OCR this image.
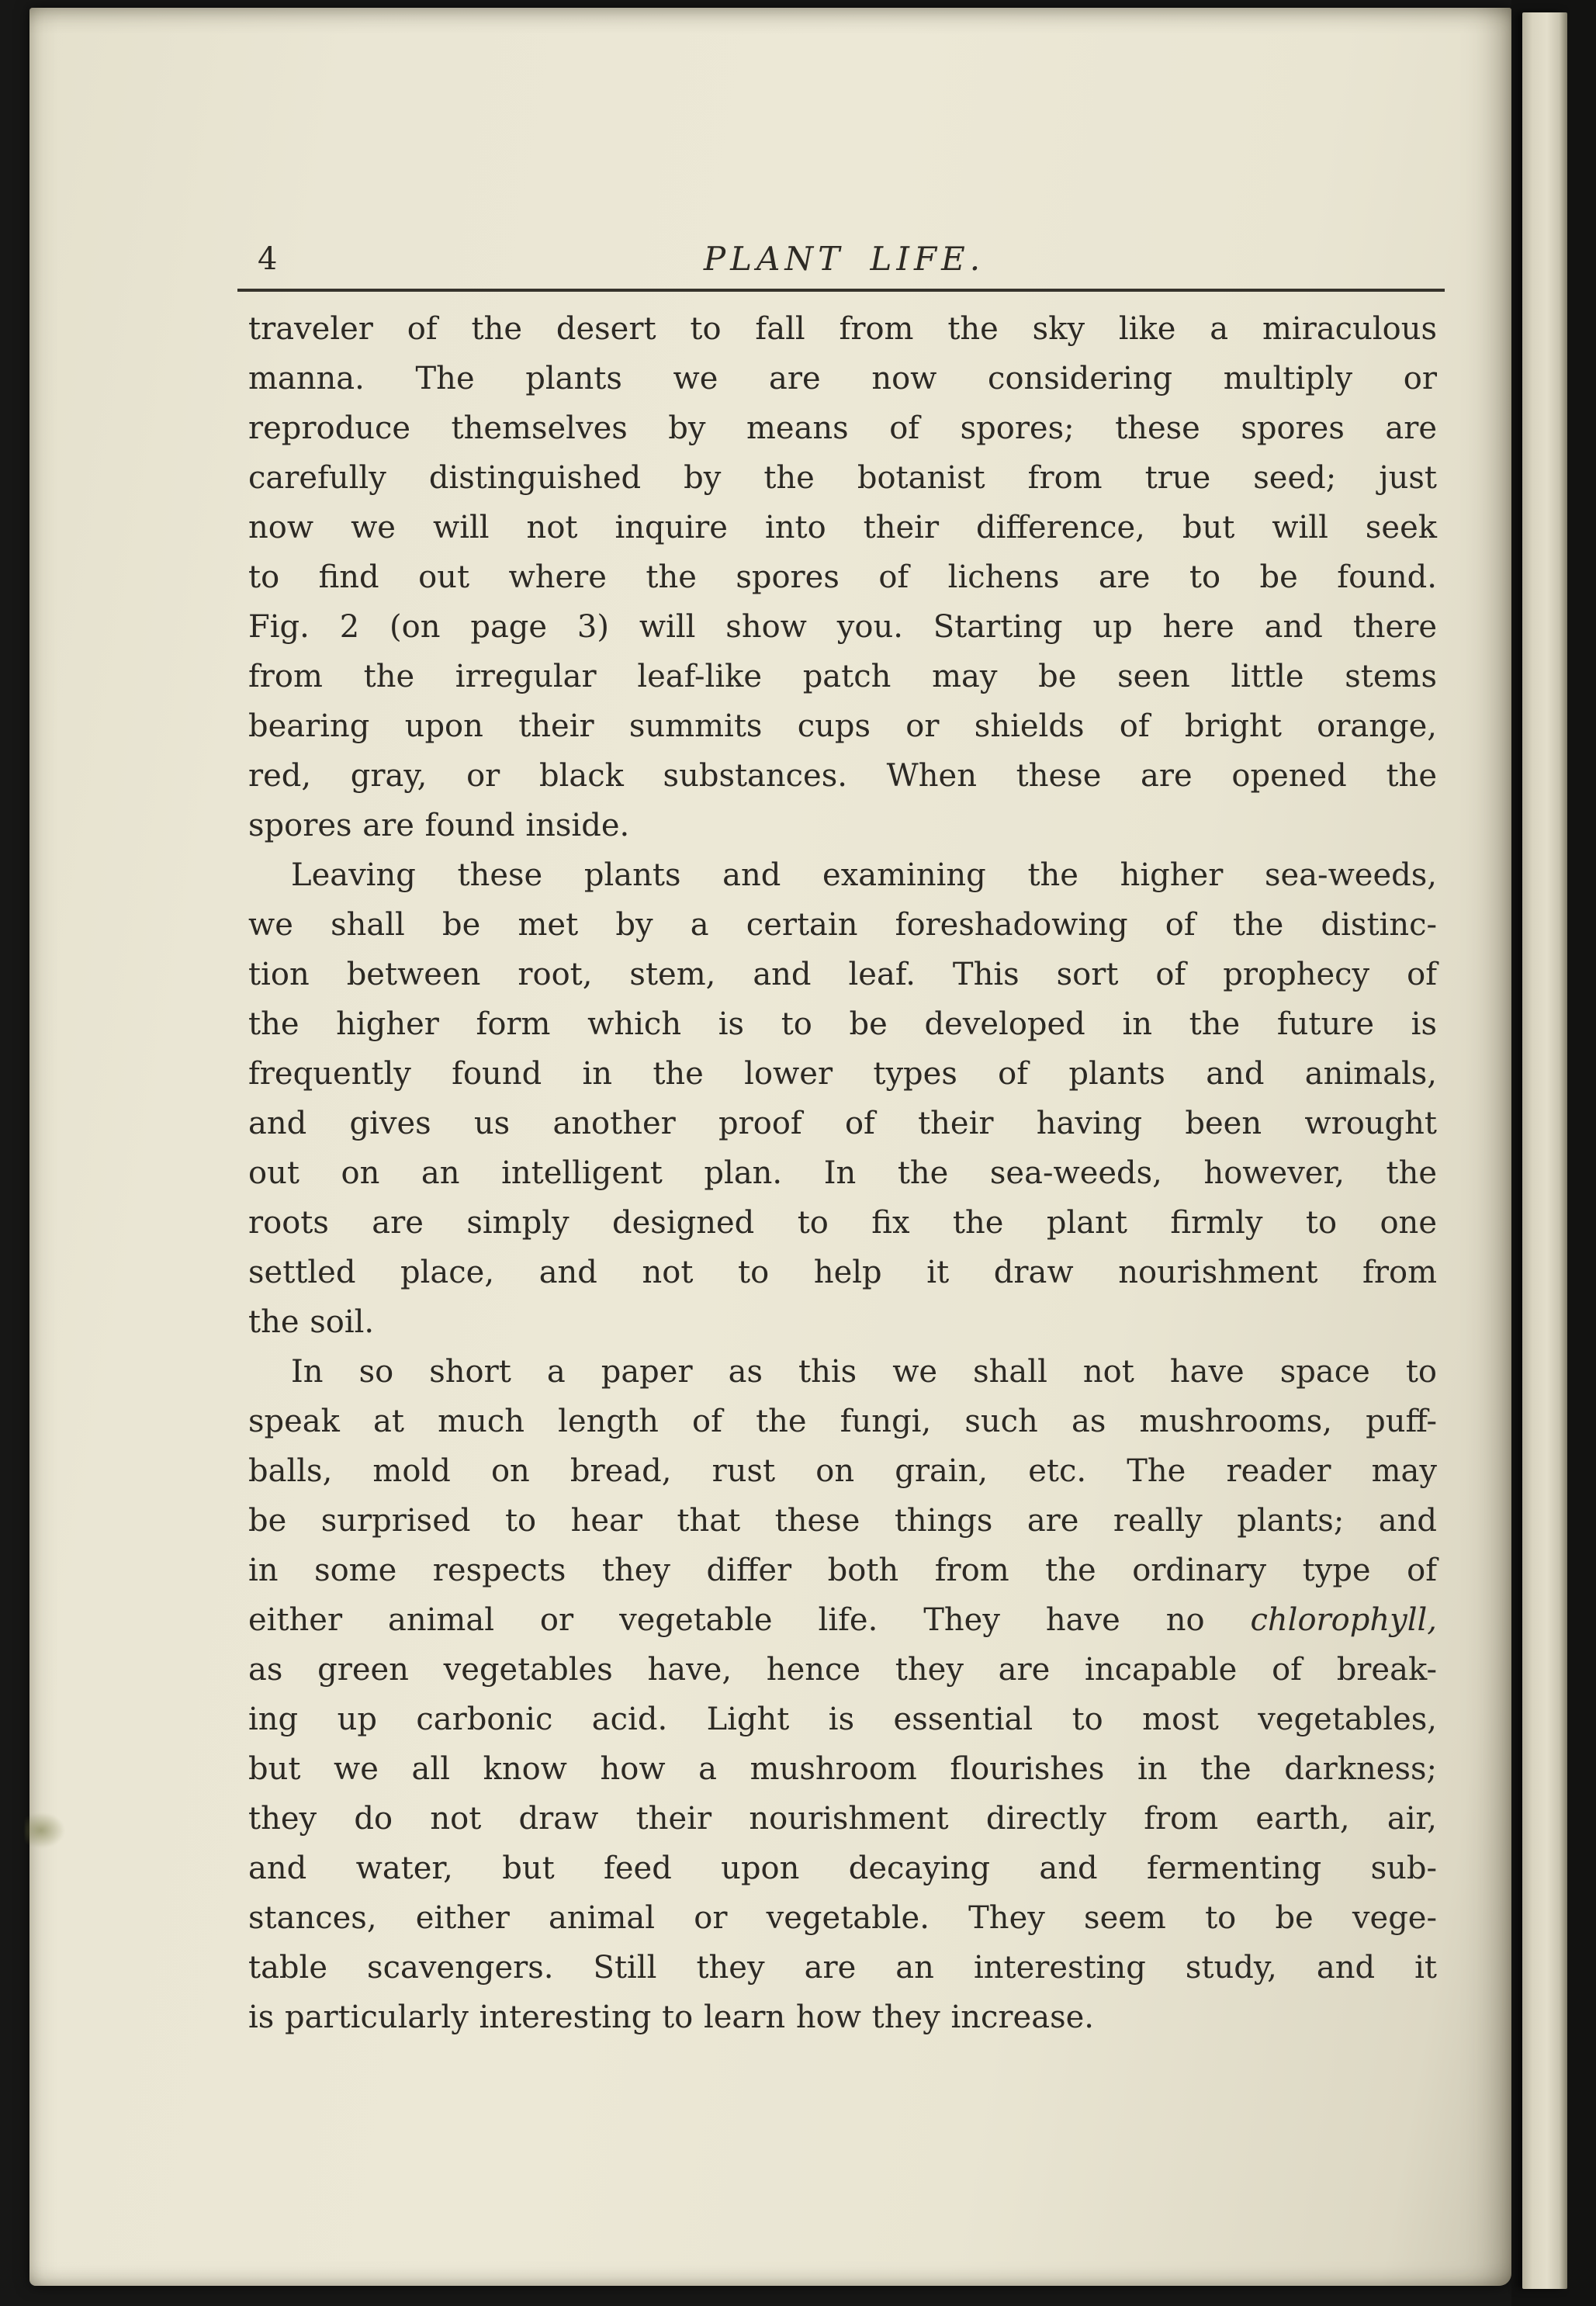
4	PLANT LIFE.
traveler of the desert to fall from the sky like a miraculous
manna. The plants we are now considering multiply or
reproduce themselves by means of spores; these spores are
carefully distinguished by the botanist from true seed; just
now we will not inquire into their difference, but will seek
to find out where the spores of lichens are to be found.
Fig. 2 (on page 3) will show you. Starting up here and there
from the irregular leaf-like patch may be seen little stems
bearing upon their summits cups or shields of bright orange,
red, gray, or black substances. When these are opened the
spores are found inside.
Leaving these plants and examining the higher sea-weeds,
we shall be met by a certain foreshadowing of the distinc-
tion between root, stem, and leaf. This sort of prophecy of
the higher form which is to be developed in the future is
frequently found in the lower types of plants and animals,
and gives us another proof of their having been wrought
out on an intelligent plan. In the sea-weeds, however, the
roots are simply designed to fix the plant firmly to one
settled place, and not to help it draw nourishment from
the soil.
In so short a paper as this we shall not have space to
speak at much length of the fungi, such as mushrooms, puff-
balls, mold on bread, rust on grain, etc. The reader may
be surprised to hear that these things are really plants; and
in some respects they differ both from the ordinary type of
either animal or vegetable life. They have no chlorophyll,
as green vegetables have, hence they are incapable of break-
ing up carbonic acid. Light is essential to most vegetables,
but we all know how a mushroom flourishes in the darkness;
they do not draw their nourishment directly from earth, air,
and water, but feed upon decaying and fermenting sub-
stances, either animal or vegetable. They seem to be vege-
table scavengers. Still they are an interesting study, and it
is particularly interesting to learn how they increase.
